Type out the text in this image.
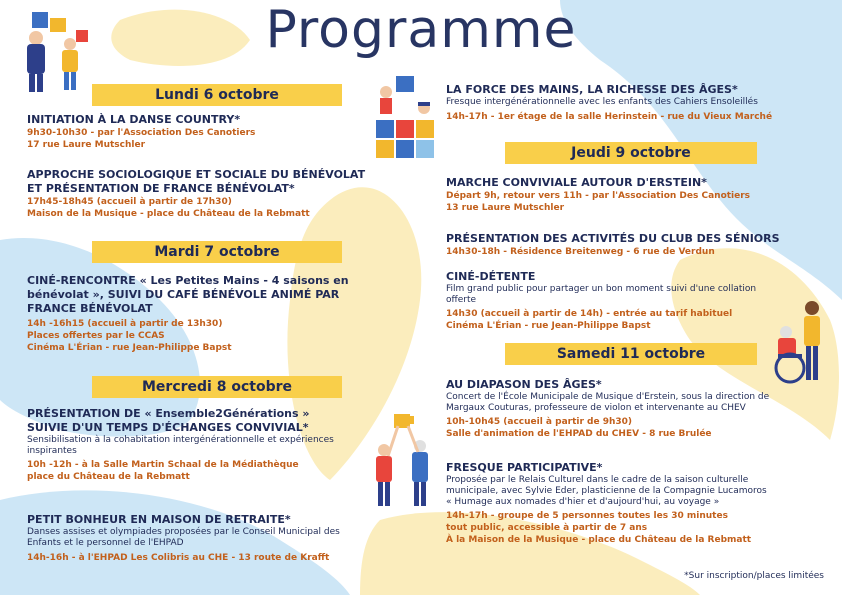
Programme
Lundi 6 octobre
INITIATION À LA DANSE COUNTRY*
9h30-10h30 - par l'Association Des Canotiers
17 rue Laure Mutschler
APPROCHE SOCIOLOGIQUE ET SOCIALE DU BÉNÉVOLAT
ET PRÉSENTATION DE FRANCE BÉNÉVOLAT*
17h45-18h45 (accueil à partir de 17h30)
Maison de la Musique - place du Château de la Rebmatt
Mardi 7 octobre
CINÉ-RENCONTRE « Les Petites Mains - 4 saisons en
bénévolat », SUIVI DU CAFÉ BÉNÉVOLE ANIMÉ PAR
FRANCE BÉNÉVOLAT
14h -16h15 (accueil à partir de 13h30)
Places offertes par le CCAS
Cinéma L'Érian - rue Jean-Philippe Bapst
Mercredi 8 octobre
PRÉSENTATION DE « Ensemble2Générations »
SUIVIE D'UN TEMPS D'ÉCHANGES CONVIVIAL*
Sensibilisation à la cohabitation intergénérationnelle et expériences
inspirantes
10h -12h - à la Salle Martin Schaal de la Médiathèque
place du Château de la Rebmatt
PETIT BONHEUR EN MAISON DE RETRAITE*
Danses assises et olympiades proposées par le Conseil Municipal des
Enfants et le personnel de l'EHPAD
14h-16h - à l'EHPAD Les Colibris au CHE - 13 route de Krafft
LA FORCE DES MAINS, LA RICHESSE DES ÂGES*
Fresque intergénérationnelle avec les enfants des Cahiers Ensoleillés
14h-17h - 1er étage de la salle Herinstein - rue du Vieux Marché
Jeudi 9 octobre
MARCHE CONVIVIALE AUTOUR D'ERSTEIN*
Départ 9h, retour vers 11h - par l'Association Des Canotiers
13 rue Laure Mutschler
PRÉSENTATION DES ACTIVITÉS DU CLUB DES SÉNIORS
14h30-18h - Résidence Breitenweg - 6 rue de Verdun
CINÉ-DÉTENTE
Film grand public pour partager un bon moment suivi d'une collation offerte
14h30 (accueil à partir de 14h) - entrée au tarif habituel
Cinéma L'Érian - rue Jean-Philippe Bapst
Samedi 11 octobre
AU DIAPASON DES ÂGES*
Concert de l'École Municipale de Musique d'Erstein, sous la direction de
Margaux Couturas, professeure de violon et intervenante au CHEV
10h-10h45 (accueil à partir de 9h30)
Salle d'animation de l'EHPAD du CHEV - 8 rue Brulée
FRESQUE PARTICIPATIVE*
Proposée par le Relais Culturel dans le cadre de la saison culturelle
municipale, avec Sylvie Eder, plasticienne de la Compagnie Lucamoros
« Humage aux nomades d'hier et d'aujourd'hui, au voyage »
14h-17h - groupe de 5 personnes toutes les 30 minutes
tout public, accessible à partir de 7 ans
À la Maison de la Musique - place du Château de la Rebmatt
*Sur inscription/places limitées
